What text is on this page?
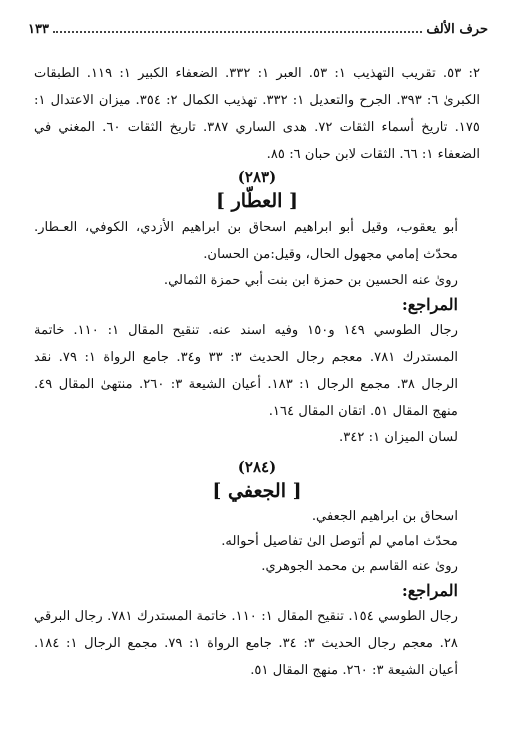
حرف الألف
١٣٣

٢: ٥٣. تقريب التهذيب ١: ٥٣. العبر ١: ٣٣٢. الضعفاء الكبير ١: ١١٩. الطبقات الكبرىٰ ٦: ٣٩٣. الجرح والتعديل ١: ٣٣٢. تهذيب الكمال ٢: ٣٥٤. ميزان الاعتدال ١: ١٧٥. تاريخ أسماء الثقات ٧٢. هدى الساري ٣٨٧. تاريخ الثقات ٦٠. المغني في الضعفاء ١: ٦٦. الثقات لابن حبان ٦: ٨٥.

(٢٨٣)

[ العطّار ]

أبو يعقوب، وقيل أبو ابراهيم اسحاق بن ابراهيم الأزدي، الكوفي، العـطار. محدّث إمامي مجهول الحال، وقيل:من الحسان.

روىٰ عنه الحسين بن حمزة ابن بنت أبي حمزة الثمالي.

المراجع:

رجال الطوسي ١٤٩ و١٥٠ وفيه اسند عنه. تنقيح المقال ١: ١١٠. خاتمة المستدرك ٧٨١. معجم رجال الحديث ٣: ٣٣ و٣٤. جامع الرواة ١: ٧٩. نقد الرجال ٣٨. مجمع الرجال ١: ١٨٣. أعيان الشيعة ٣: ٢٦٠. منتهىٰ المقال ٤٩. منهج المقال ٥١. اتقان المقال ١٦٤.

لسان الميزان ١: ٣٤٢.

(٢٨٤)

[ الجعفي ]

اسحاق بن ابراهيم الجعفي.

محدّث امامي لم أتوصل الىٰ تفاصيل أحواله.

روىٰ عنه القاسم بن محمد الجوهري.

المراجع:

رجال الطوسي ١٥٤. تنقيح المقال ١: ١١٠. خاتمة المستدرك ٧٨١. رجال البرقي ٢٨. معجم رجال الحديث ٣: ٣٤. جامع الرواة ١: ٧٩. مجمع الرجال ١: ١٨٤. أعيان الشيعة ٣: ٢٦٠. منهج المقال ٥١.
